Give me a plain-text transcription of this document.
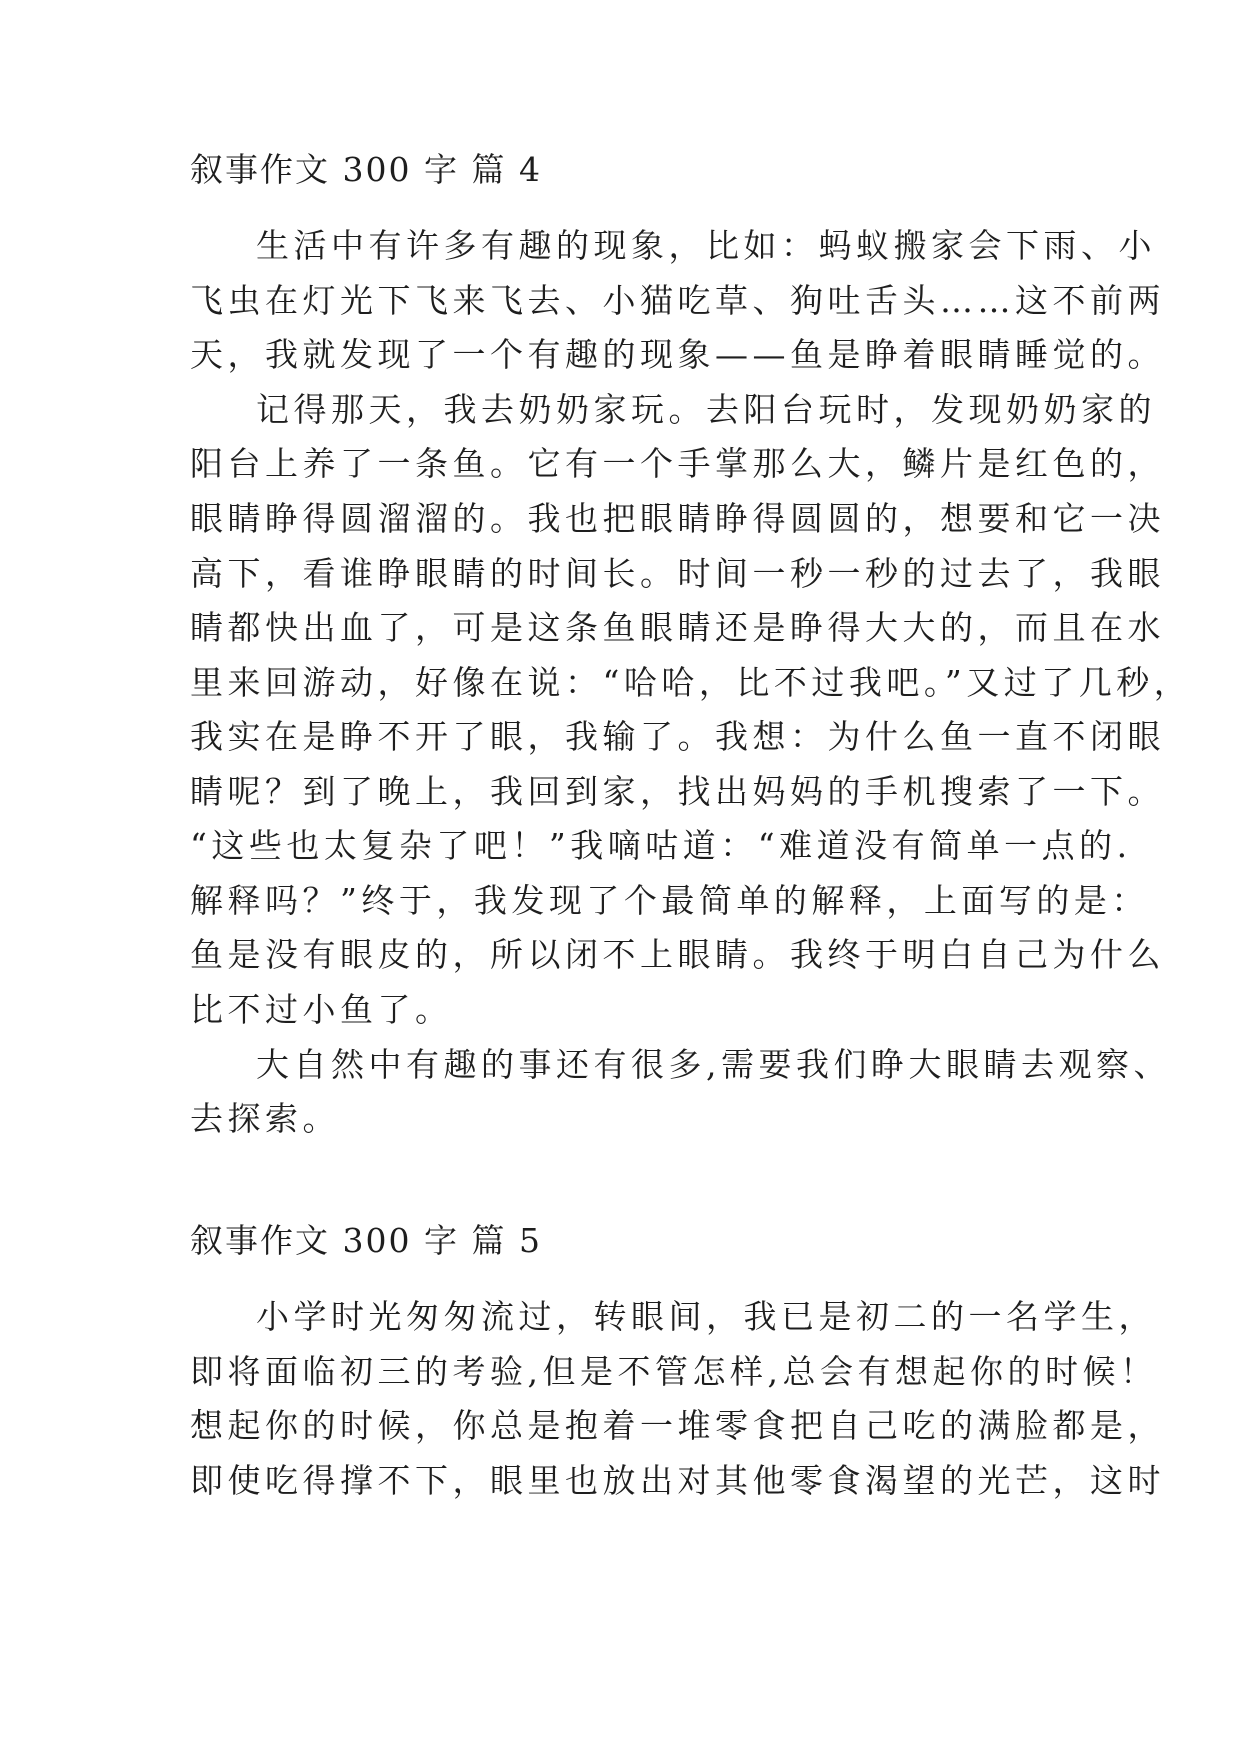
叙事作文 300 字 篇 4
生活中有许多有趣的现象，比如：蚂蚁搬家会下雨、小
飞虫在灯光下飞来飞去、小猫吃草、狗吐舌头……这不前两
天，我就发现了一个有趣的现象——鱼是睁着眼睛睡觉的。
记得那天，我去奶奶家玩。去阳台玩时，发现奶奶家的
阳台上养了一条鱼。它有一个手掌那么大，鳞片是红色的，
眼睛睁得圆溜溜的。我也把眼睛睁得圆圆的，想要和它一决
高下，看谁睁眼睛的时间长。时间一秒一秒的过去了，我眼
睛都快出血了，可是这条鱼眼睛还是睁得大大的，而且在水
里来回游动，好像在说：“哈哈，比不过我吧。”又过了几秒，
我实在是睁不开了眼，我输了。我想：为什么鱼一直不闭眼
睛呢？到了晚上，我回到家，找出妈妈的手机搜索了一下。
“这些也太复杂了吧！”我嘀咕道：“难道没有简单一点的.
解释吗？”终于，我发现了个最简单的解释，上面写的是：
鱼是没有眼皮的，所以闭不上眼睛。我终于明白自己为什么
比不过小鱼了。
大自然中有趣的事还有很多,需要我们睁大眼睛去观察、
去探索。
叙事作文 300 字 篇 5
小学时光匆匆流过，转眼间，我已是初二的一名学生，
即将面临初三的考验,但是不管怎样,总会有想起你的时候！
想起你的时候，你总是抱着一堆零食把自己吃的满脸都是，
即使吃得撑不下，眼里也放出对其他零食渴望的光芒，这时
